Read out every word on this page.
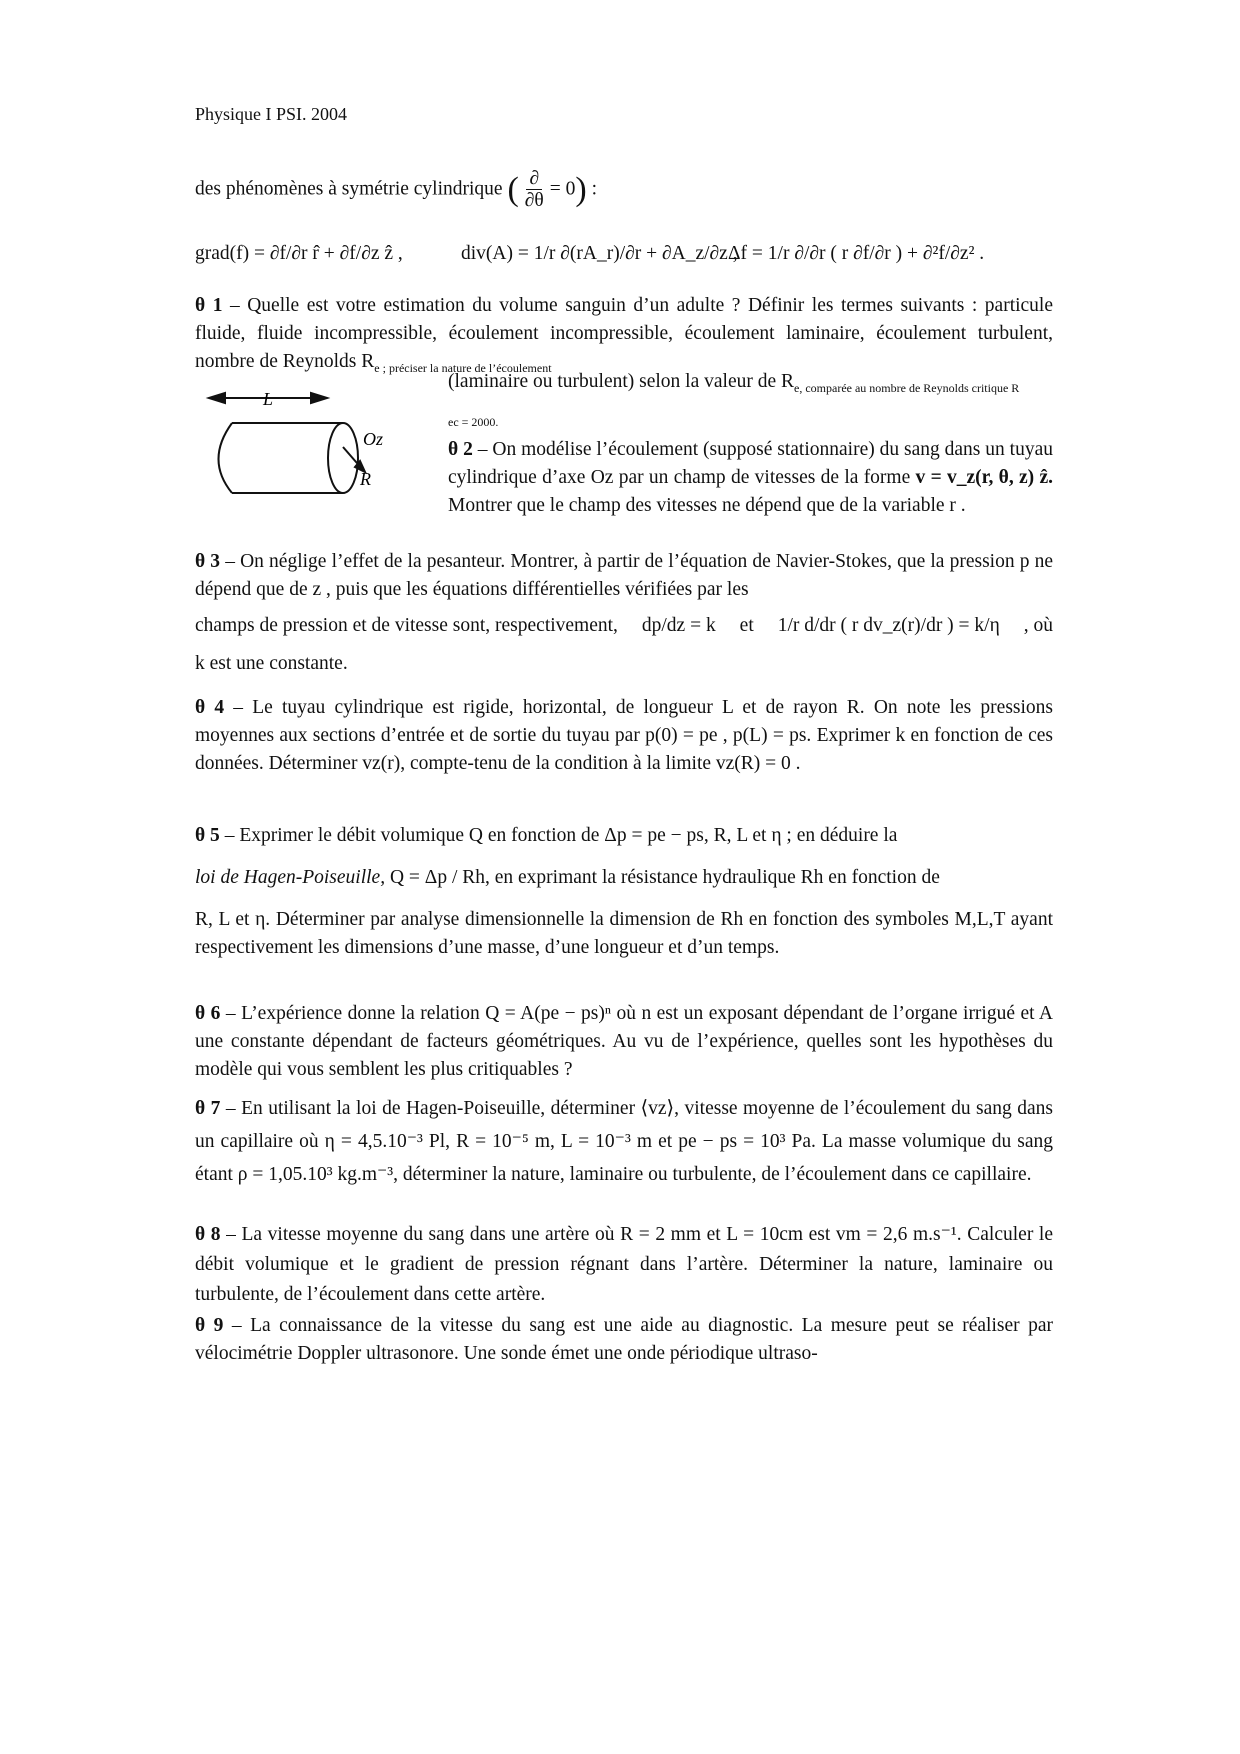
Physique I PSI. 2004
des phénomènes à symétrie cylindrique ( $\frac{\partial}{\partial\theta} = 0$) :
grad(f) = ∂f/∂r r̂ + ∂f/∂z ẑ ,	div(A) = 1/r ∂(rA_r)/∂r + ∂A_z/∂z ,
Δf = 1/r ∂/∂r ( r ∂f/∂r ) + ∂²f/∂z² .

θ 1 – Quelle est votre estimation du volume sanguin d’un adulte ? Définir les termes suivants : particule fluide, fluide incompressible, écoulement incompressible, écoulement laminaire, écoulement turbulent, nombre de Reynolds $R_{e ; préciser la nature de l’écoulement}$

L
Oz
R

(laminaire ou turbulent) selon la valeur de $R_{e, comparée au nombre de Reynolds critique R}$

$_{ec = 2000.}$

θ 2 – On modélise l’écoulement (supposé stationnaire) du sang dans un tuyau cylindrique d’axe Oz par un champ de vitesses de la forme v = v_z(r, θ, z) ẑ. Montrer que le champ des vitesses ne dépend que de la variable r .

θ 3 – On néglige l’effet de la pesanteur. Montrer, à partir de l’équation de Navier-Stokes, que la pression p ne dépend que de z , puis que les équations différentielles vérifiées par les

champs de pression et de vitesse sont, respectivement, dp/dz = k et 1/r d/dr ( r dv_z(r)/dr ) = k/η , où

k est une constante.

θ 4 – Le tuyau cylindrique est rigide, horizontal, de longueur L et de rayon R. On note les pressions moyennes aux sections d’entrée et de sortie du tuyau par p(0) = pe , p(L) = ps. Exprimer k en fonction de ces données. Déterminer vz(r), compte-tenu de la condition à la limite vz(R) = 0 .

θ 5 – Exprimer le débit volumique Q en fonction de Δp = pe − ps, R, L et η ; en déduire la

loi de Hagen-Poiseuille, Q = Δp / Rh, en exprimant la résistance hydraulique Rh en fonction de

R, L et η. Déterminer par analyse dimensionnelle la dimension de Rh en fonction des symboles M,L,T ayant respectivement les dimensions d’une masse, d’une longueur et d’un temps.

θ 6 – L’expérience donne la relation Q = A(pe − ps)ⁿ où n est un exposant dépendant de l’organe irrigué et A une constante dépendant de facteurs géométriques. Au vu de l’expérience, quelles sont les hypothèses du modèle qui vous semblent les plus critiquables ?

θ 7 – En utilisant la loi de Hagen-Poiseuille, déterminer ⟨vz⟩, vitesse moyenne de l’écoulement du sang dans un capillaire où η = 4,5.10⁻³ Pl, R = 10⁻⁵ m, L = 10⁻³ m et pe − ps = 10³ Pa. La masse volumique du sang étant ρ = 1,05.10³ kg.m⁻³, déterminer la nature, laminaire ou turbulente, de l’écoulement dans ce capillaire.

θ 8 – La vitesse moyenne du sang dans une artère où R = 2 mm et L = 10cm est vm = 2,6 m.s⁻¹. Calculer le débit volumique et le gradient de pression régnant dans l’artère. Déterminer la nature, laminaire ou turbulente, de l’écoulement dans cette artère.

θ 9 – La connaissance de la vitesse du sang est une aide au diagnostic. La mesure peut se réaliser par vélocimétrie Doppler ultrasonore. Une sonde émet une onde périodique ultraso-
